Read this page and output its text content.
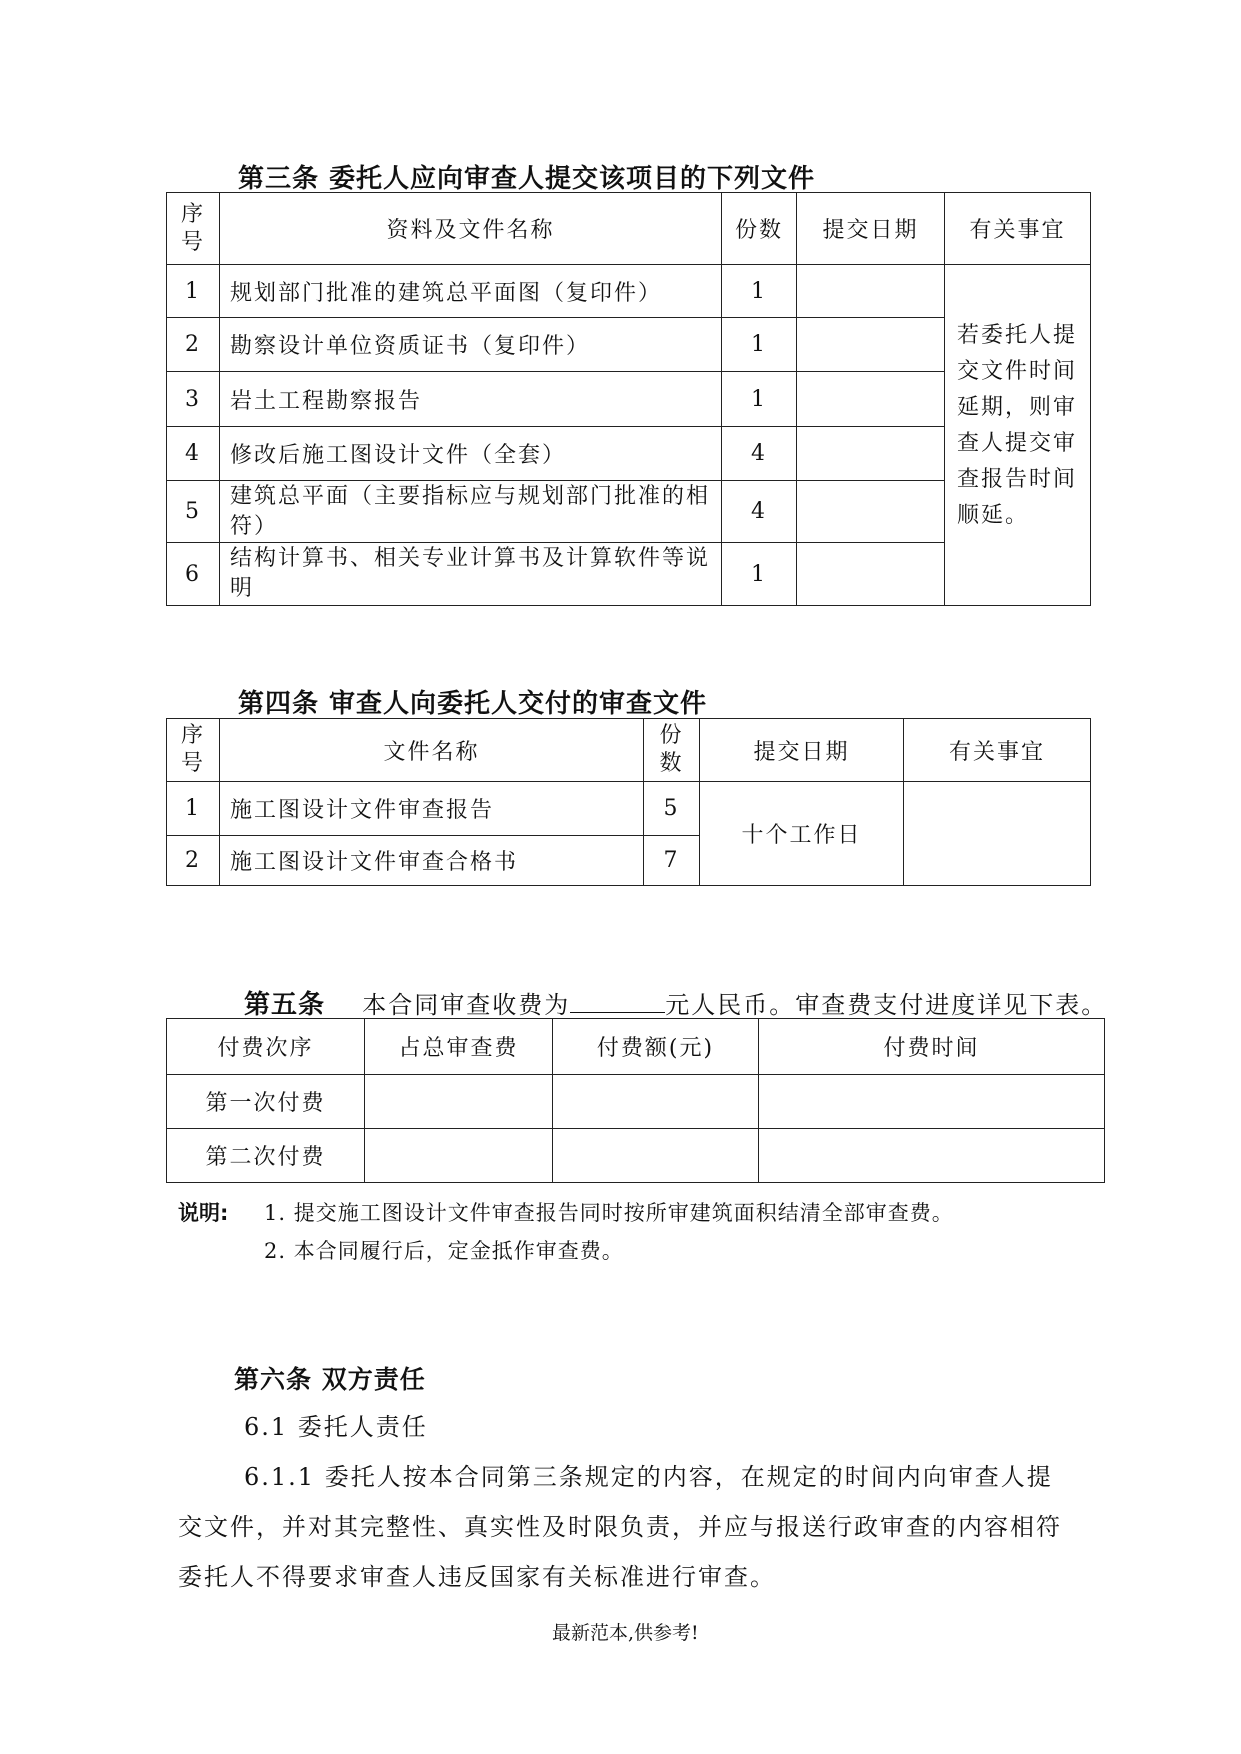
第三条 委托人应向审查人提交该项目的下列文件
序号	资料及文件名称	份数	提交日期	有关事宜
1	规划部门批准的建筑总平面图（复印件）	1		若委托人提交文件时间延期，则审查人提交审查报告时间顺延。
2	勘察设计单位资质证书（复印件）	1		
3	岩土工程勘察报告	1		
4	修改后施工图设计文件（全套）	4		
5	建筑总平面（主要指标应与规划部门批准的相符）	4		
6	结构计算书、相关专业计算书及计算软件等说明	1		
第四条 审查人向委托人交付的审查文件
序号	文件名称	份数	提交日期	有关事宜
1	施工图设计文件审查报告	5	十个工作日	
2	施工图设计文件审查合格书	7		
第五条 本合同审查收费为	元人民币。审查费支付进度详见下表。
付费次序	占总审查费	付费额(元)	付费时间
第一次付费			
第二次付费			
说明: 1. 提交施工图设计文件审查报告同时按所审建筑面积结清全部审查费。
2. 本合同履行后，定金抵作审查费。
第六条 双方责任
6.1 委托人责任
6.1.1 委托人按本合同第三条规定的内容，在规定的时间内向审查人提
交文件，并对其完整性、真实性及时限负责，并应与报送行政审查的内容相符
委托人不得要求审查人违反国家有关标准进行审查。
最新范本,供参考!
